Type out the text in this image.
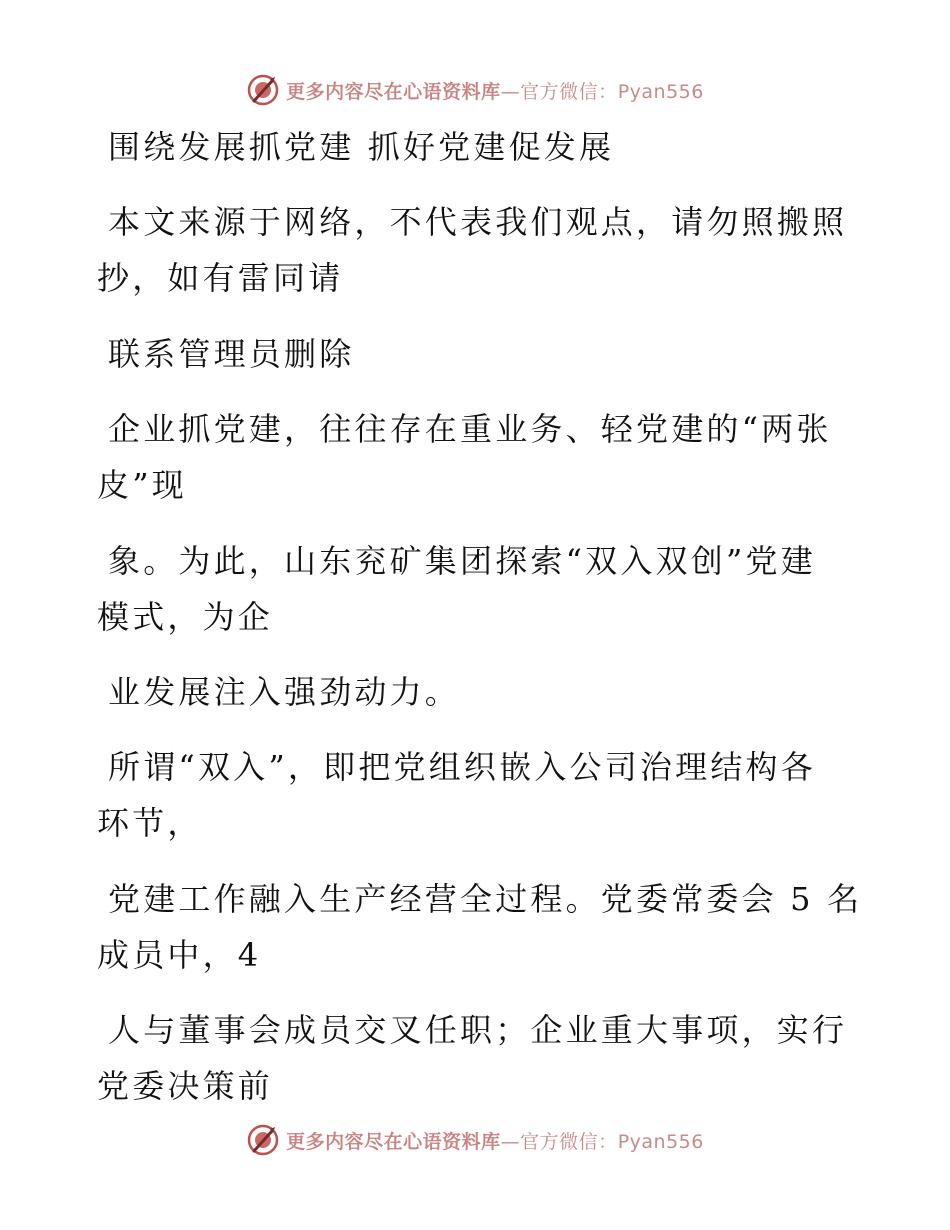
更多内容尽在心语资料库—官方微信：Pyan556
围绕发展抓党建 抓好党建促发展
本文来源于网络，不代表我们观点，请勿照搬照
抄，如有雷同请
联系管理员删除
企业抓党建，往往存在重业务、轻党建的“两张
皮”现
象。为此，山东兖矿集团探索“双入双创”党建
模式，为企
业发展注入强劲动力。
所谓“双入”，即把党组织嵌入公司治理结构各
环节，
党建工作融入生产经营全过程。党委常委会 5 名
成员中，4
人与董事会成员交叉任职；企业重大事项，实行
党委决策前
更多内容尽在心语资料库—官方微信：Pyan556
